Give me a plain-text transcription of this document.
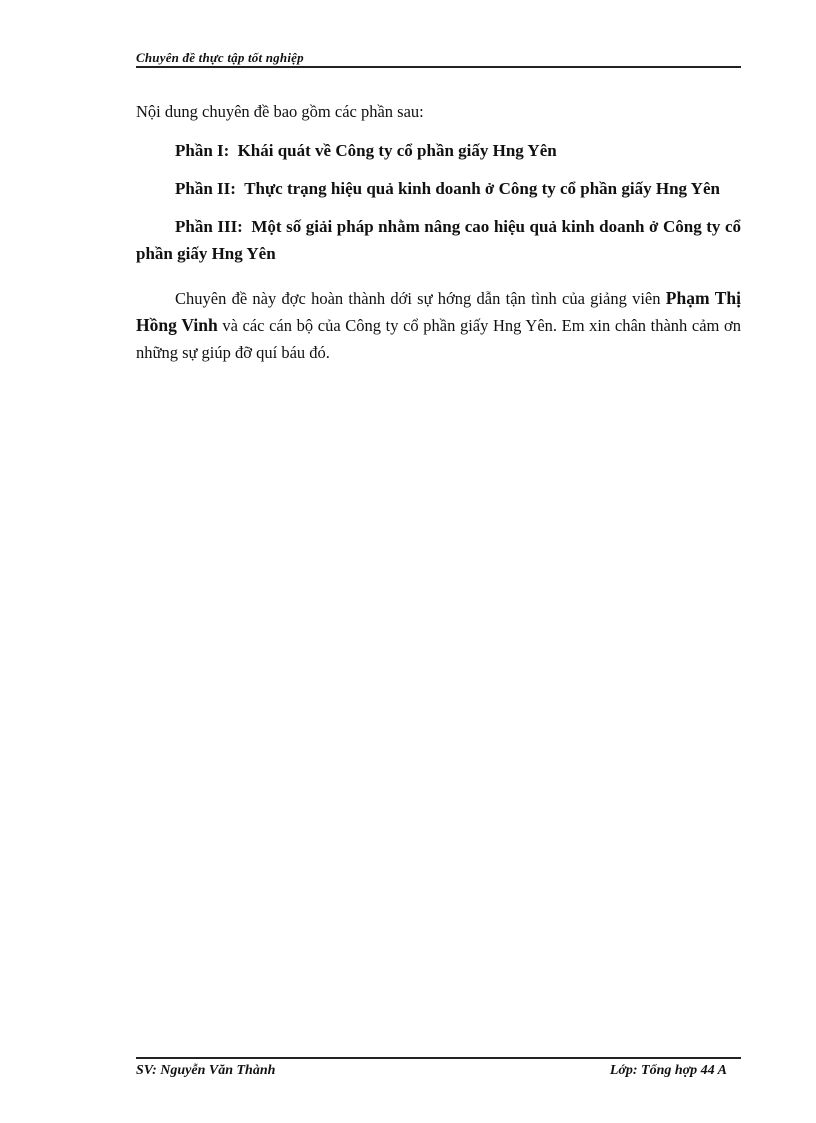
Chuyên đề thực tập tốt nghiệp

Nội dung chuyên đề bao gồm các phần sau:

Phần I: Khái quát về Công ty cổ phần giấy Hng Yên

Phần II: Thực trạng hiệu quả kinh doanh ở Công ty cổ phần giấy Hng Yên

Phần III: Một số giải pháp nhằm nâng cao hiệu quả kinh doanh ở Công ty cổ phần giấy Hng Yên

Chuyên đề này đợc hoàn thành dới sự hớng dẫn tận tình của giảng viên Phạm Thị Hồng Vinh và các cán bộ của Công ty cổ phần giấy Hng Yên. Em xin chân thành cảm ơn những sự giúp đỡ quí báu đó.

SV: Nguyễn Văn Thành	Lớp: Tổng hợp 44 A
